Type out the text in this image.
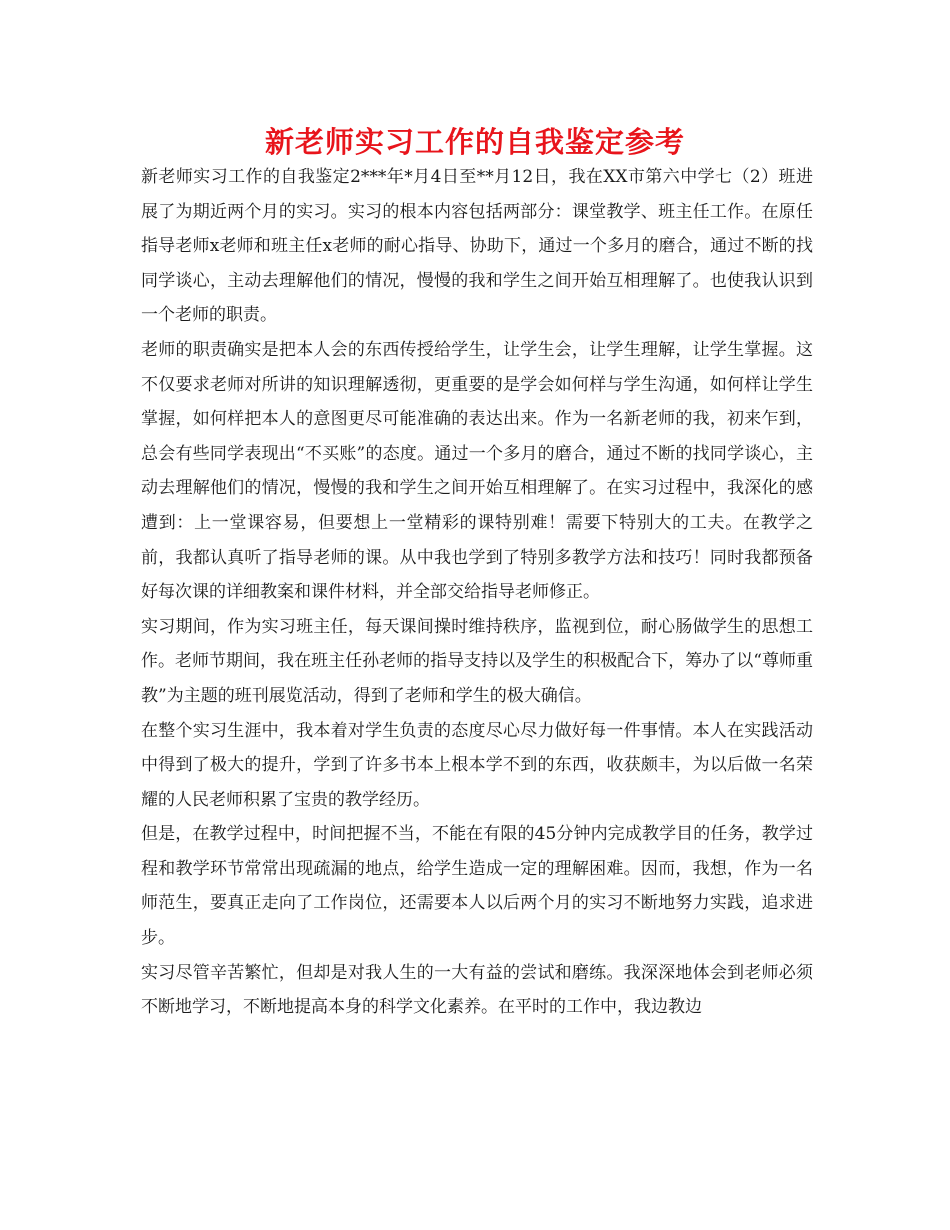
新老师实习工作的自我鉴定参考

新老师实习工作的自我鉴定2***年*月4日至**月12日，我在XX市第六中学七（2）班进展了为期近两个月的实习。实习的根本内容包括两部分：课堂教学、班主任工作。在原任指导老师x老师和班主任x老师的耐心指导、协助下，通过一个多月的磨合，通过不断的找同学谈心，主动去理解他们的情况，慢慢的我和学生之间开始互相理解了。也使我认识到一个老师的职责。

老师的职责确实是把本人会的东西传授给学生，让学生会，让学生理解，让学生掌握。这不仅要求老师对所讲的知识理解透彻，更重要的是学会如何样与学生沟通，如何样让学生掌握，如何样把本人的意图更尽可能准确的表达出来。作为一名新老师的我，初来乍到，总会有些同学表现出“不买账”的态度。通过一个多月的磨合，通过不断的找同学谈心，主动去理解他们的情况，慢慢的我和学生之间开始互相理解了。在实习过程中，我深化的感遭到：上一堂课容易，但要想上一堂精彩的课特别难！需要下特别大的工夫。在教学之前，我都认真听了指导老师的课。从中我也学到了特别多教学方法和技巧！同时我都预备好每次课的详细教案和课件材料，并全部交给指导老师修正。

实习期间，作为实习班主任，每天课间操时维持秩序，监视到位，耐心肠做学生的思想工作。老师节期间，我在班主任孙老师的指导支持以及学生的积极配合下，筹办了以“尊师重教”为主题的班刊展览活动，得到了老师和学生的极大确信。

在整个实习生涯中，我本着对学生负责的态度尽心尽力做好每一件事情。本人在实践活动中得到了极大的提升，学到了许多书本上根本学不到的东西，收获颇丰，为以后做一名荣耀的人民老师积累了宝贵的教学经历。

但是，在教学过程中，时间把握不当，不能在有限的45分钟内完成教学目的任务，教学过程和教学环节常常出现疏漏的地点，给学生造成一定的理解困难。因而，我想，作为一名师范生，要真正走向了工作岗位，还需要本人以后两个月的实习不断地努力实践，追求进步。

实习尽管辛苦繁忙，但却是对我人生的一大有益的尝试和磨练。我深深地体会到老师必须不断地学习，不断地提高本身的科学文化素养。在平时的工作中，我边教边
